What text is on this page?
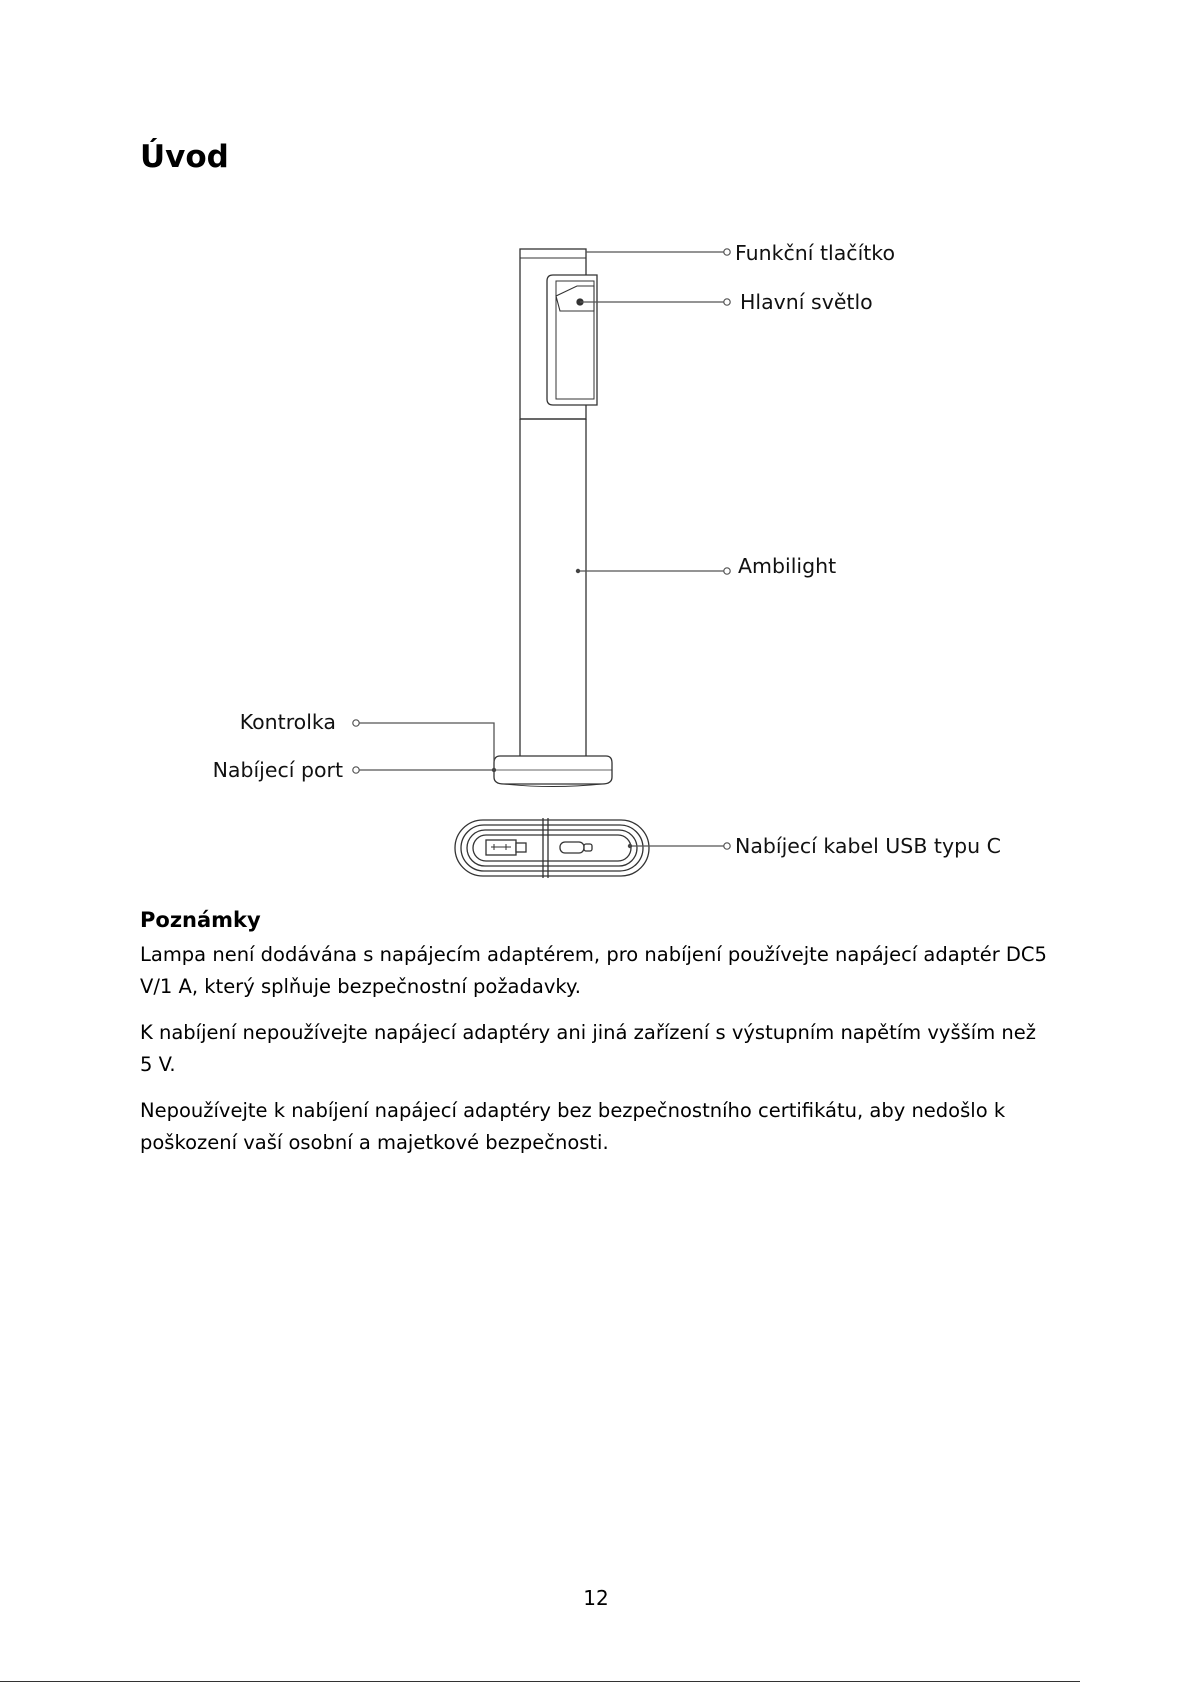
Úvod
Funkční tlačítko
Hlavní světlo
Ambilight
Kontrolka
Nabíjecí port
Nabíjecí kabel USB typu C
Poznámky

Lampa není dodávána s napájecím adaptérem, pro nabíjení používejte napájecí adaptér DC5 V/1 A, který splňuje bezpečnostní požadavky.

K nabíjení nepoužívejte napájecí adaptéry ani jiná zařízení s výstupním napětím vyšším než 5 V.

Nepoužívejte k nabíjení napájecí adaptéry bez bezpečnostního certifikátu, aby nedošlo k poškození vaší osobní a majetkové bezpečnosti.

12
